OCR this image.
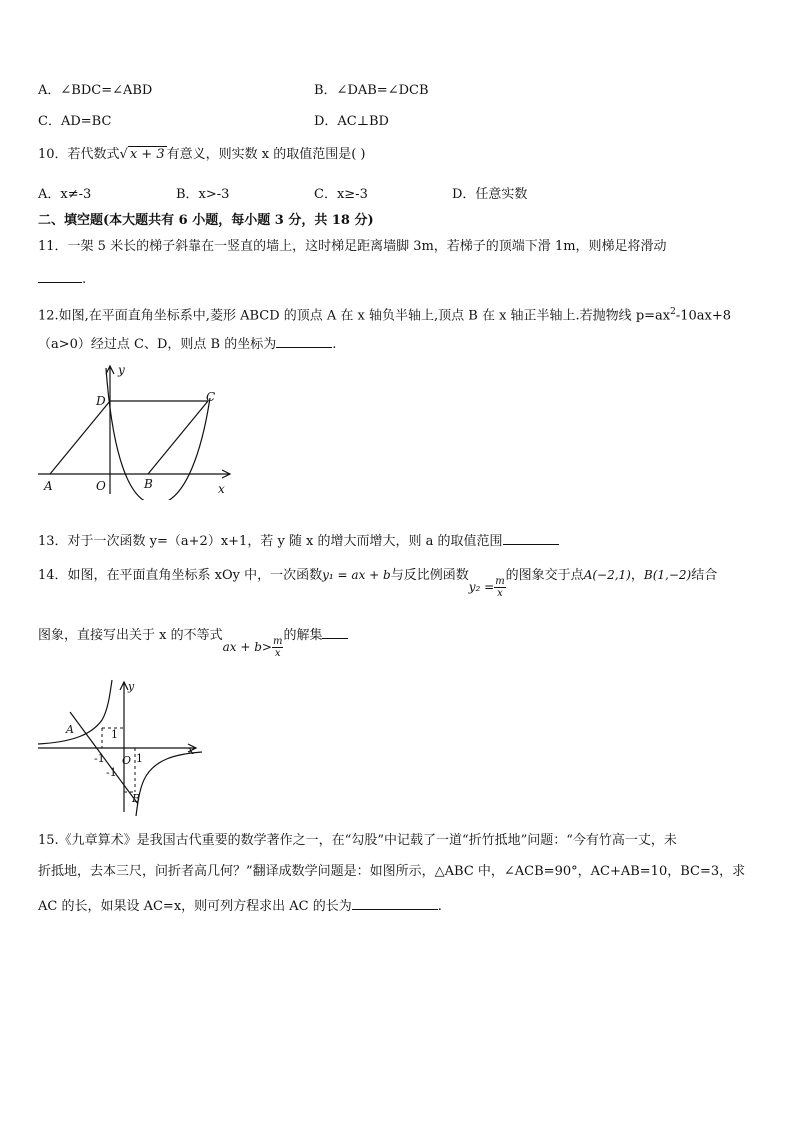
A．∠BDC=∠ABD	B．∠DAB=∠DCB
C．AD=BC	D．AC⊥BD
10．若代数式√ x + 3 有意义，则实数 x 的取值范围是( )
A．x≠-3	B．x>-3	C．x≥-3	D．任意实数
二、填空题(本大题共有 6 小题，每小题 3 分，共 18 分)
11．一架 5 米长的梯子斜靠在一竖直的墙上，这时梯足距离墙脚 3m，若梯子的顶端下滑 1m，则梯足将滑动
.
12.如图,在平面直角坐标系中,菱形 ABCD 的顶点 A 在 x 轴负半轴上,顶点 B 在 x 轴正半轴上.若抛物线 $p=ax^2-10ax+8$
（a>0）经过点 C、D，则点 B 的坐标为	.
y
x
D	C
A	O	B
13．对于一次函数 y=（a+2）x+1，若 y 随 x 的增大而增大，则 a 的取值范围
14．如图，在平面直角坐标系 xOy 中，一次函数y₁ = ax + b与反比例函数$y_2 = \frac{m}{x}$
的图象交于点A(−2,1)，B(1,−2)结合
图象，直接写出关于 x 的不等式ax + $b> \frac{m}{x}$
的解集
y
x
A
B
O
1
-1	1
-1
15.《九章算术》是我国古代重要的数学著作之一，在“勾股”中记载了一道“折竹抵地”问题：“今有竹高一丈，未
折抵地，去本三尺，问折者高几何？”翻译成数学问题是：如图所示，△ABC 中，∠ACB=90°，AC+AB=10，BC=3，求
AC 的长，如果设 AC=x，则可列方程求出 AC 的长为	.
